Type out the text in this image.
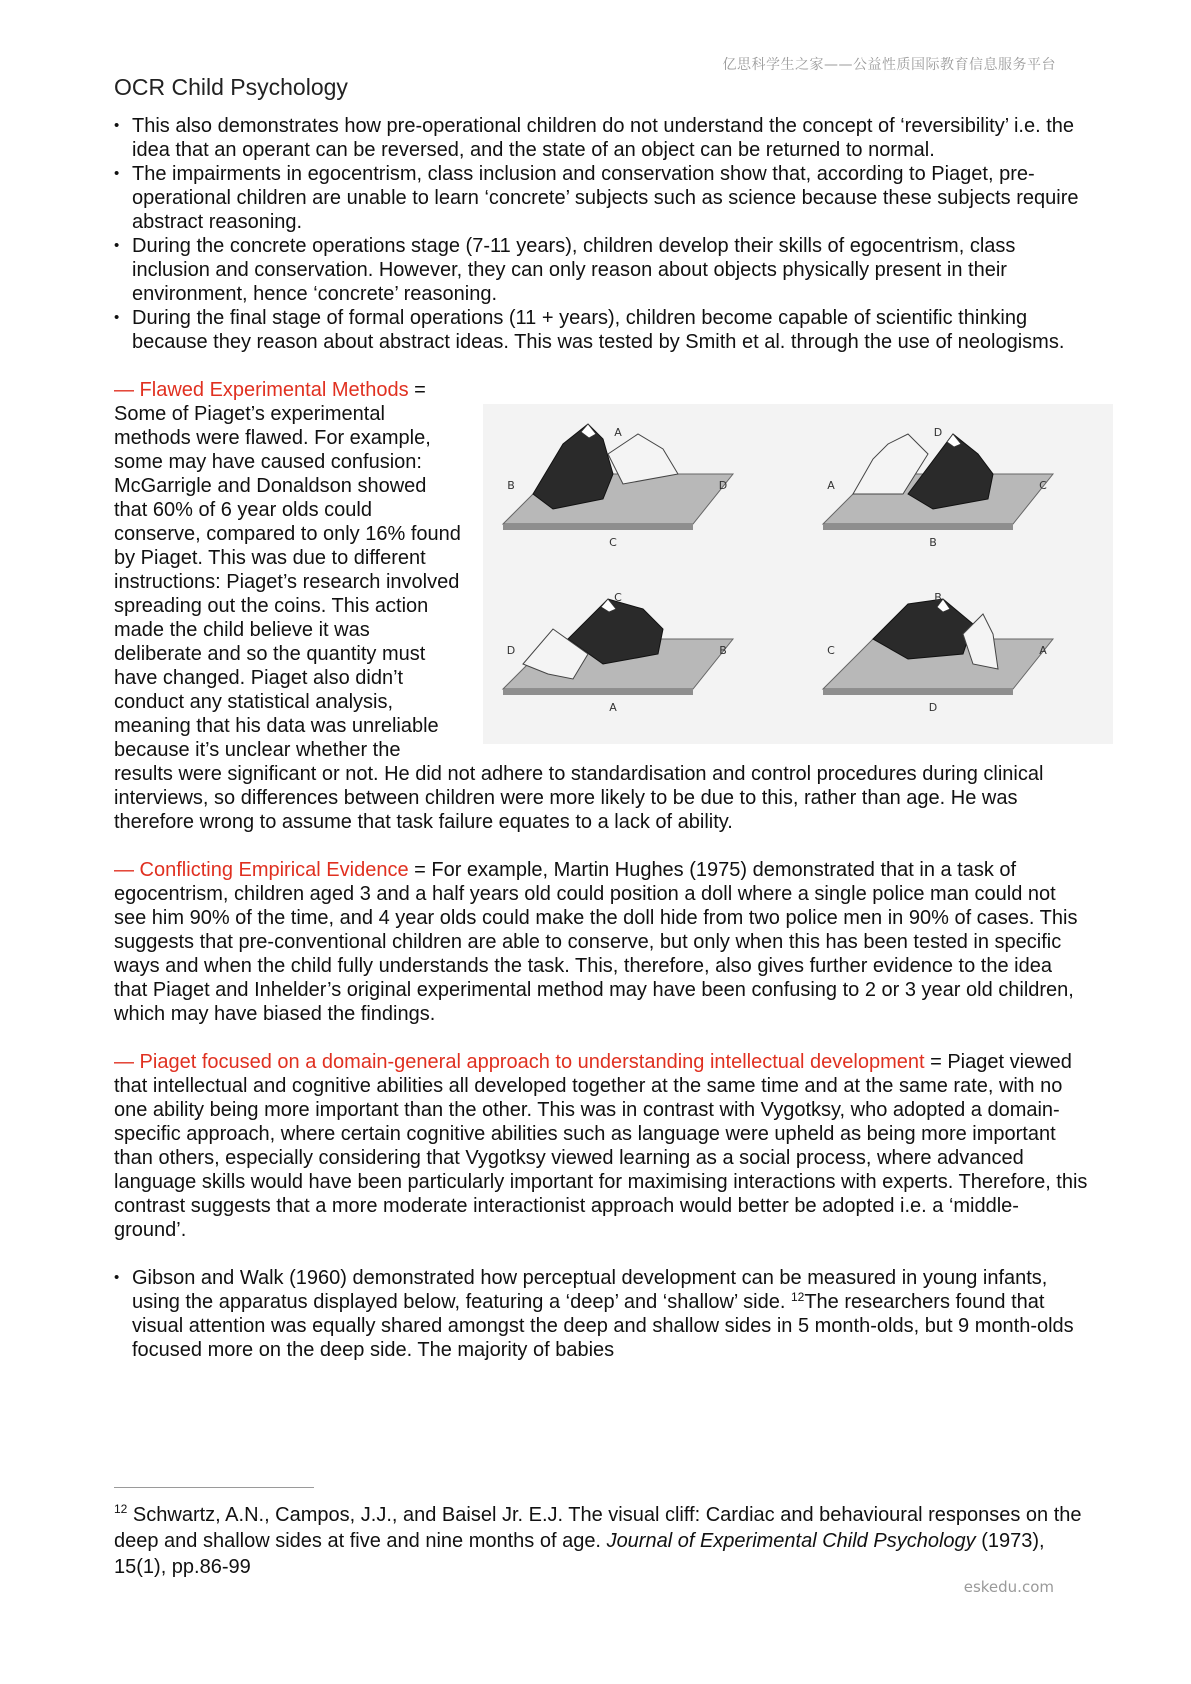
亿思科学生之家——公益性质国际教育信息服务平台
OCR Child Psychology
• This also demonstrates how pre-operational children do not understand the concept of ‘reversibility’ i.e. the idea that an operant can be reversed, and the state of an object can be returned to normal.
• The impairments in egocentrism, class inclusion and conservation show that, according to Piaget, pre-operational children are unable to learn ‘concrete’ subjects such as science because these subjects require abstract reasoning.
• During the concrete operations stage (7-11 years), children develop their skills of egocentrism, class inclusion and conservation. However, they can only reason about objects physically present in their environment, hence ‘concrete’ reasoning.
• During the final stage of formal operations (11 + years), children become capable of scientific thinking because they reason about abstract ideas. This was tested by Smith et al. through the use of neologisms.

A
B	D
C
D
A	C
B
C
D	B
A
B
C	A
D
— Flawed Experimental Methods =
Some of Piaget’s experimental methods were flawed. For example, some may have caused confusion: McGarrigle and Donaldson showed that 60% of 6 year olds could conserve, compared to only 16% found by Piaget. This was due to different instructions: Piaget’s research involved spreading out the coins. This action made the child believe it was deliberate and so the quantity must have changed. Piaget also didn’t conduct any statistical analysis, meaning that his data was unreliable because it’s unclear whether the results were significant or not. He did not adhere to standardisation and control procedures during clinical interviews, so differences between children were more likely to be due to this, rather than age. He was therefore wrong to assume that task failure equates to a lack of ability.

— Conflicting Empirical Evidence = For example, Martin Hughes (1975) demonstrated that in a task of egocentrism, children aged 3 and a half years old could position a doll where a single police man could not see him 90% of the time, and 4 year olds could make the doll hide from two police men in 90% of cases. This suggests that pre-conventional children are able to conserve, but only when this has been tested in specific ways and when the child fully understands the task. This, therefore, also gives further evidence to the idea that Piaget and Inhelder’s original experimental method may have been confusing to 2 or 3 year old children, which may have biased the findings.

— Piaget focused on a domain-general approach to understanding intellectual development = Piaget viewed that intellectual and cognitive abilities all developed together at the same time and at the same rate, with no one ability being more important than the other. This was in contrast with Vygotksy, who adopted a domain-specific approach, where certain cognitive abilities such as language were upheld as being more important than others, especially considering that Vygotksy viewed learning as a social process, where advanced language skills would have been particularly important for maximising interactions with experts. Therefore, this contrast suggests that a more moderate interactionist approach would better be adopted i.e. a ‘middle-ground’.

• Gibson and Walk (1960) demonstrated how perceptual development can be measured in young infants, using the apparatus displayed below, featuring a ‘deep’ and ‘shallow’ side. $^{12}$The researchers found that visual attention was equally shared amongst the deep and shallow sides in 5 month-olds, but 9 month-olds focused more on the deep side. The majority of babies
$^{12}$ Schwartz, A.N., Campos, J.J., and Baisel Jr. E.J. The visual cliff: Cardiac and behavioural responses on the deep and shallow sides at five and nine months of age. Journal of Experimental Child Psychology (1973), 15(1), pp.86-99
eskedu.com
